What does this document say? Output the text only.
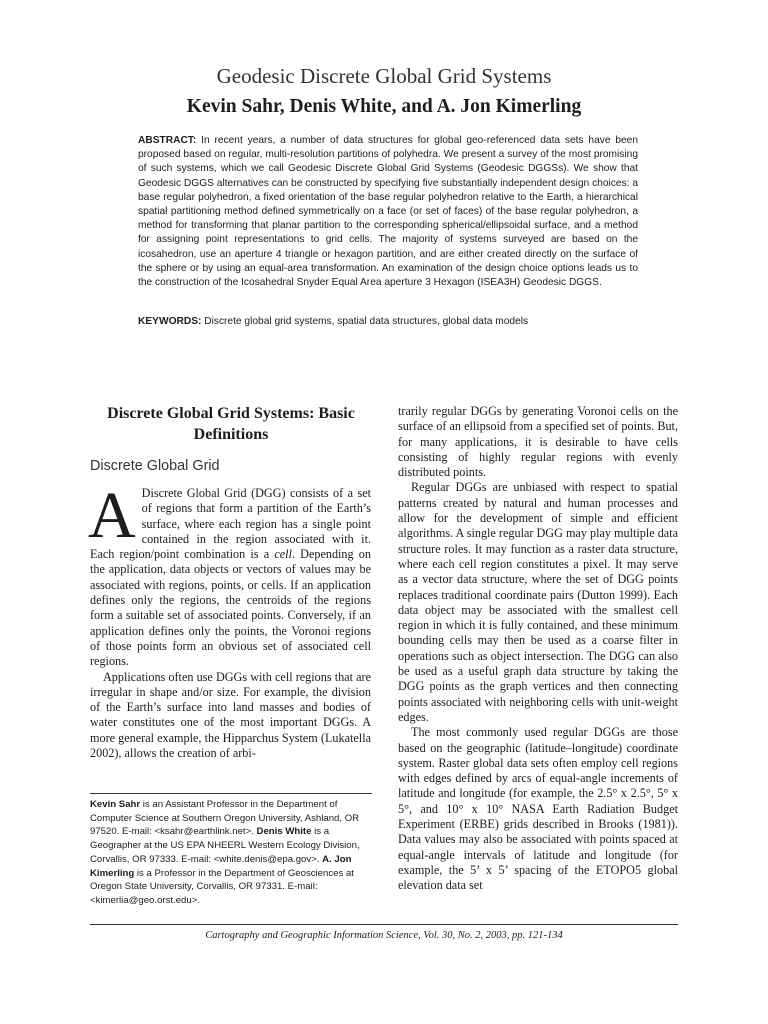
Geodesic Discrete Global Grid Systems
Kevin Sahr, Denis White, and A. Jon Kimerling
ABSTRACT: In recent years, a number of data structures for global geo-referenced data sets have been proposed based on regular, multi-resolution partitions of polyhedra. We present a survey of the most promising of such systems, which we call Geodesic Discrete Global Grid Systems (Geodesic DGGSs). We show that Geodesic DGGS alternatives can be constructed by specifying five substantially independent design choices: a base regular polyhedron, a fixed orientation of the base regular polyhedron relative to the Earth, a hierarchical spatial partitioning method defined symmetrically on a face (or set of faces) of the base regular polyhedron, a method for transforming that planar partition to the corresponding spherical/ellipsoidal surface, and a method for assigning point representations to grid cells. The majority of systems surveyed are based on the icosahedron, use an aperture 4 triangle or hexagon partition, and are either created directly on the surface of the sphere or by using an equal-area transformation. An examination of the design choice options leads us to the construction of the Icosahedral Snyder Equal Area aperture 3 Hexagon (ISEA3H) Geodesic DGGS.
KEYWORDS: Discrete global grid systems, spatial data structures, global data models
Discrete Global Grid Systems: Basic Definitions
Discrete Global Grid

A Discrete Global Grid (DGG) consists of a set of regions that form a partition of the Earth’s surface, where each region has a single point contained in the region associated with it. Each region/point combination is a cell. Depending on the application, data objects or vectors of values may be associated with regions, points, or cells. If an application defines only the regions, the centroids of the regions form a suitable set of associated points. Conversely, if an application defines only the points, the Voronoi regions of those points form an obvious set of associated cell regions.

Applications often use DGGs with cell regions that are irregular in shape and/or size. For example, the division of the Earth’s surface into land masses and bodies of water constitutes one of the most important DGGs. A more general example, the Hipparchus System (Lukatella 2002), allows the creation of arbi-

trarily regular DGGs by generating Voronoi cells on the surface of an ellipsoid from a specified set of points. But, for many applications, it is desirable to have cells consisting of highly regular regions with evenly distributed points.

Regular DGGs are unbiased with respect to spatial patterns created by natural and human processes and allow for the development of simple and efficient algorithms. A single regular DGG may play multiple data structure roles. It may function as a raster data structure, where each cell region constitutes a pixel. It may serve as a vector data structure, where the set of DGG points replaces traditional coordinate pairs (Dutton 1999). Each data object may be associated with the smallest cell region in which it is fully contained, and these minimum bounding cells may then be used as a coarse filter in operations such as object intersection. The DGG can also be used as a useful graph data structure by taking the DGG points as the graph vertices and then connecting points associated with neighboring cells with unit-weight edges.

The most commonly used regular DGGs are those based on the geographic (latitude–longitude) coordinate system. Raster global data sets often employ cell regions with edges defined by arcs of equal-angle increments of latitude and longitude (for example, the 2.5° x 2.5°, 5° x 5°, and 10° x 10° NASA Earth Radiation Budget Experiment (ERBE) grids described in Brooks (1981)). Data values may also be associated with points spaced at equal-angle intervals of latitude and longitude (for example, the 5’ x 5’ spacing of the ETOPO5 global elevation data set

Kevin Sahr is an Assistant Professor in the Department of Computer Science at Southern Oregon University, Ashland, OR 97520. E-mail: <ksahr@earthlink.net>. Denis White is a Geographer at the US EPA NHEERL Western Ecology Division, Corvallis, OR 97333. E-mail: <white.denis@epa.gov>. A. Jon Kimerling is a Professor in the Department of Geosciences at Oregon State University, Corvallis, OR 97331. E-mail: <kimerlia@geo.orst.edu>.
Cartography and Geographic Information Science, Vol. 30, No. 2, 2003, pp. 121-134
